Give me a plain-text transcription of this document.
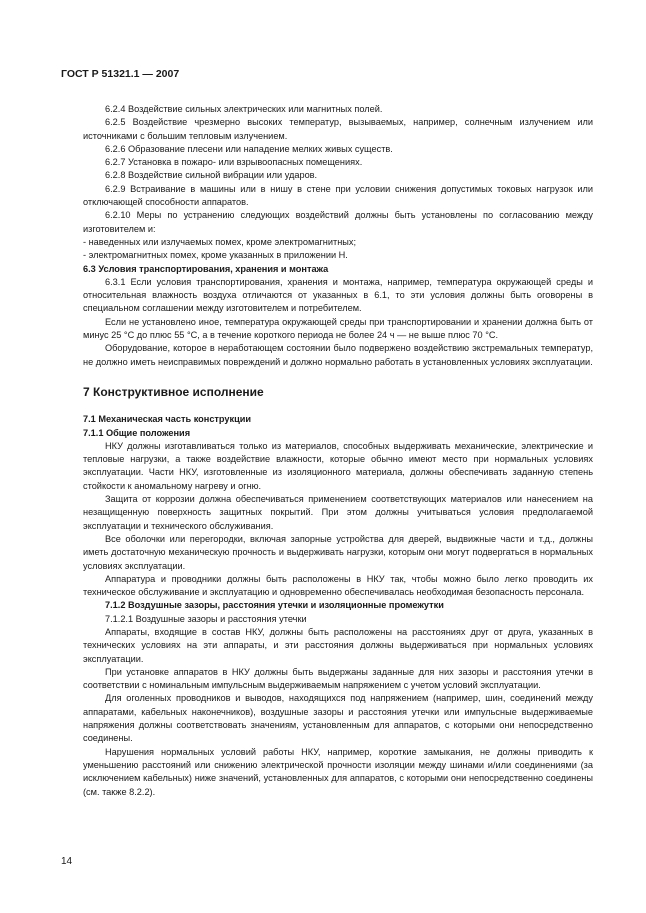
ГОСТ Р 51321.1 — 2007

6.2.4 Воздействие сильных электрических или магнитных полей.

6.2.5 Воздействие чрезмерно высоких температур, вызываемых, например, солнечным излучением или источниками с большим тепловым излучением.

6.2.6 Образование плесени или нападение мелких живых существ.

6.2.7 Установка в пожаро- или взрывоопасных помещениях.

6.2.8 Воздействие сильной вибрации или ударов.

6.2.9 Встраивание в машины или в нишу в стене при условии снижения допустимых токовых нагрузок или отключающей способности аппаратов.

6.2.10 Меры по устранению следующих воздействий должны быть установлены по согласованию между изготовителем и:

- наведенных или излучаемых помех, кроме электромагнитных;

- электромагнитных помех, кроме указанных в приложении Н.

6.3 Условия транспортирования, хранения и монтажа

6.3.1 Если условия транспортирования, хранения и монтажа, например, температура окружающей среды и относительная влажность воздуха отличаются от указанных в 6.1, то эти условия должны быть оговорены в специальном соглашении между изготовителем и потребителем.

Если не установлено иное, температура окружающей среды при транспортировании и хранении должна быть от минус 25 °С до плюс 55 °С, а в течение короткого периода не более 24 ч — не выше плюс 70 °С.

Оборудование, которое в неработающем состоянии было подвержено воздействию экстремальных температур, не должно иметь неисправимых повреждений и должно нормально работать в установленных условиях эксплуатации.

7 Конструктивное исполнение

7.1 Механическая часть конструкции

7.1.1 Общие положения

НКУ должны изготавливаться только из материалов, способных выдерживать механические, электрические и тепловые нагрузки, а также воздействие влажности, которые обычно имеют место при нормальных условиях эксплуатации. Части НКУ, изготовленные из изоляционного материала, должны обеспечивать заданную степень стойкости к аномальному нагреву и огню.

Защита от коррозии должна обеспечиваться применением соответствующих материалов или нанесением на незащищенную поверхность защитных покрытий. При этом должны учитываться условия предполагаемой эксплуатации и технического обслуживания.

Все оболочки или перегородки, включая запорные устройства для дверей, выдвижные части и т.д., должны иметь достаточную механическую прочность и выдерживать нагрузки, которым они могут подвергаться в нормальных условиях эксплуатации.

Аппаратура и проводники должны быть расположены в НКУ так, чтобы можно было легко проводить их техническое обслуживание и эксплуатацию и одновременно обеспечивалась необходимая безопасность персонала.

7.1.2 Воздушные зазоры, расстояния утечки и изоляционные промежутки

7.1.2.1 Воздушные зазоры и расстояния утечки

Аппараты, входящие в состав НКУ, должны быть расположены на расстояниях друг от друга, указанных в технических условиях на эти аппараты, и эти расстояния должны выдерживаться при нормальных условиях эксплуатации.

При установке аппаратов в НКУ должны быть выдержаны заданные для них зазоры и расстояния утечки в соответствии с номинальным импульсным выдерживаемым напряжением с учетом условий эксплуатации.

Для оголенных проводников и выводов, находящихся под напряжением (например, шин, соединений между аппаратами, кабельных наконечников), воздушные зазоры и расстояния утечки или импульсные выдерживаемые напряжения должны соответствовать значениям, установленным для аппаратов, с которыми они непосредственно соединены.

Нарушения нормальных условий работы НКУ, например, короткие замыкания, не должны приводить к уменьшению расстояний или снижению электрической прочности изоляции между шинами и/или соединениями (за исключением кабельных) ниже значений, установленных для аппаратов, с которыми они непосредственно соединены (см. также 8.2.2).

14
